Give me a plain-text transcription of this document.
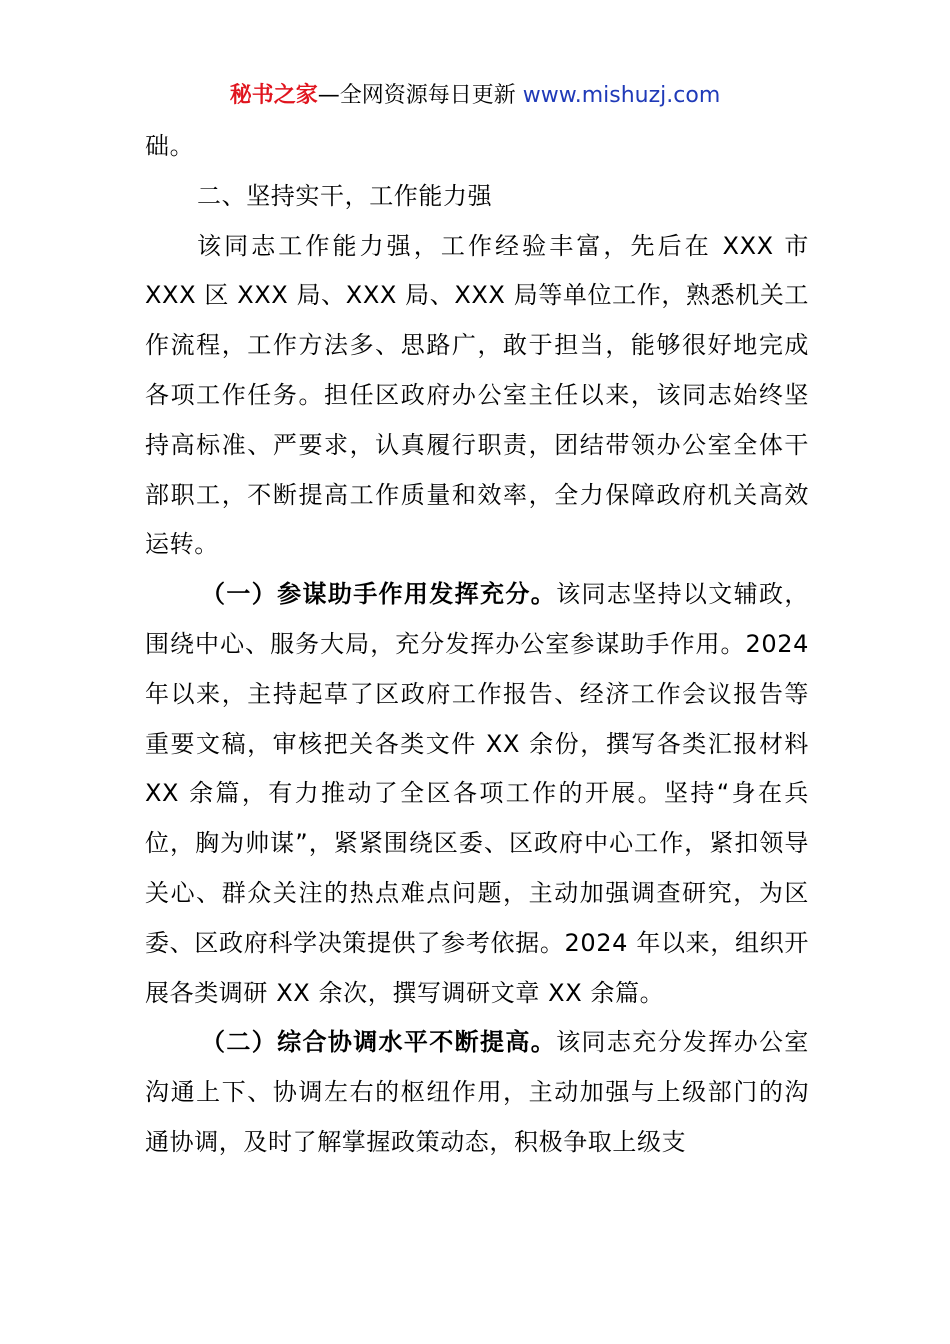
秘书之家—全网资源每日更新 www.mishuzj.com

础。

二、坚持实干，工作能力强

该同志工作能力强，工作经验丰富，先后在 XXX 市 XXX 区 XXX 局、XXX 局、XXX 局等单位工作，熟悉机关工作流程，工作方法多、思路广，敢于担当，能够很好地完成各项工作任务。担任区政府办公室主任以来，该同志始终坚持高标准、严要求，认真履行职责，团结带领办公室全体干部职工，不断提高工作质量和效率，全力保障政府机关高效运转。

（一）参谋助手作用发挥充分。该同志坚持以文辅政，围绕中心、服务大局，充分发挥办公室参谋助手作用。2024 年以来，主持起草了区政府工作报告、经济工作会议报告等重要文稿，审核把关各类文件 XX 余份，撰写各类汇报材料 XX 余篇，有力推动了全区各项工作的开展。坚持“身在兵位，胸为帅谋”，紧紧围绕区委、区政府中心工作，紧扣领导关心、群众关注的热点难点问题，主动加强调查研究，为区委、区政府科学决策提供了参考依据。2024 年以来，组织开展各类调研 XX 余次，撰写调研文章 XX 余篇。

（二）综合协调水平不断提高。该同志充分发挥办公室沟通上下、协调左右的枢纽作用，主动加强与上级部门的沟通协调，及时了解掌握政策动态，积极争取上级支
